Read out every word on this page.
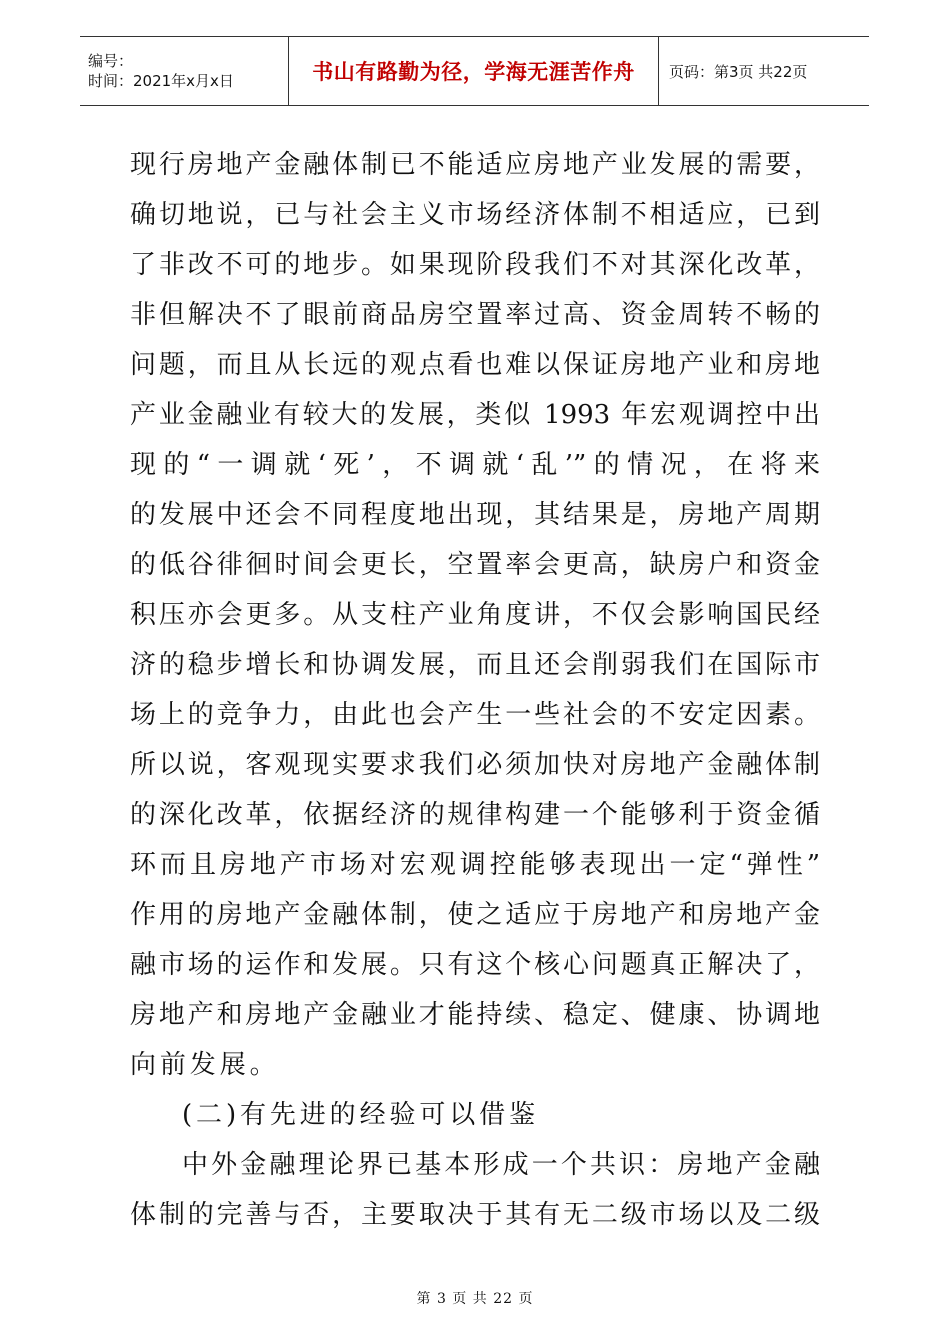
编号：
时间：2021年x月x日	书山有路勤为径，学海无涯苦作舟	页码：第3页 共22页
现行房地产金融体制已不能适应房地产业发展的需要，
确切地说，已与社会主义市场经济体制不相适应，已到
了非改不可的地步。如果现阶段我们不对其深化改革，
非但解决不了眼前商品房空置率过高、资金周转不畅的
问题，而且从长远的观点看也难以保证房地产业和房地
产业金融业有较大的发展，类似 1993 年宏观调控中出
现的“一调就‘死’，不调就‘乱’”的情况，在将来
的发展中还会不同程度地出现，其结果是，房地产周期
的低谷徘徊时间会更长，空置率会更高，缺房户和资金
积压亦会更多。从支柱产业角度讲，不仅会影响国民经
济的稳步增长和协调发展，而且还会削弱我们在国际市
场上的竞争力，由此也会产生一些社会的不安定因素。
所以说，客观现实要求我们必须加快对房地产金融体制
的深化改革，依据经济的规律构建一个能够利于资金循
环而且房地产市场对宏观调控能够表现出一定“弹性”
作用的房地产金融体制，使之适应于房地产和房地产金
融市场的运作和发展。只有这个核心问题真正解决了，
房地产和房地产金融业才能持续、稳定、健康、协调地
向前发展。
(二)有先进的经验可以借鉴
中外金融理论界已基本形成一个共识：房地产金融
体制的完善与否，主要取决于其有无二级市场以及二级
第 3 页 共 22 页
